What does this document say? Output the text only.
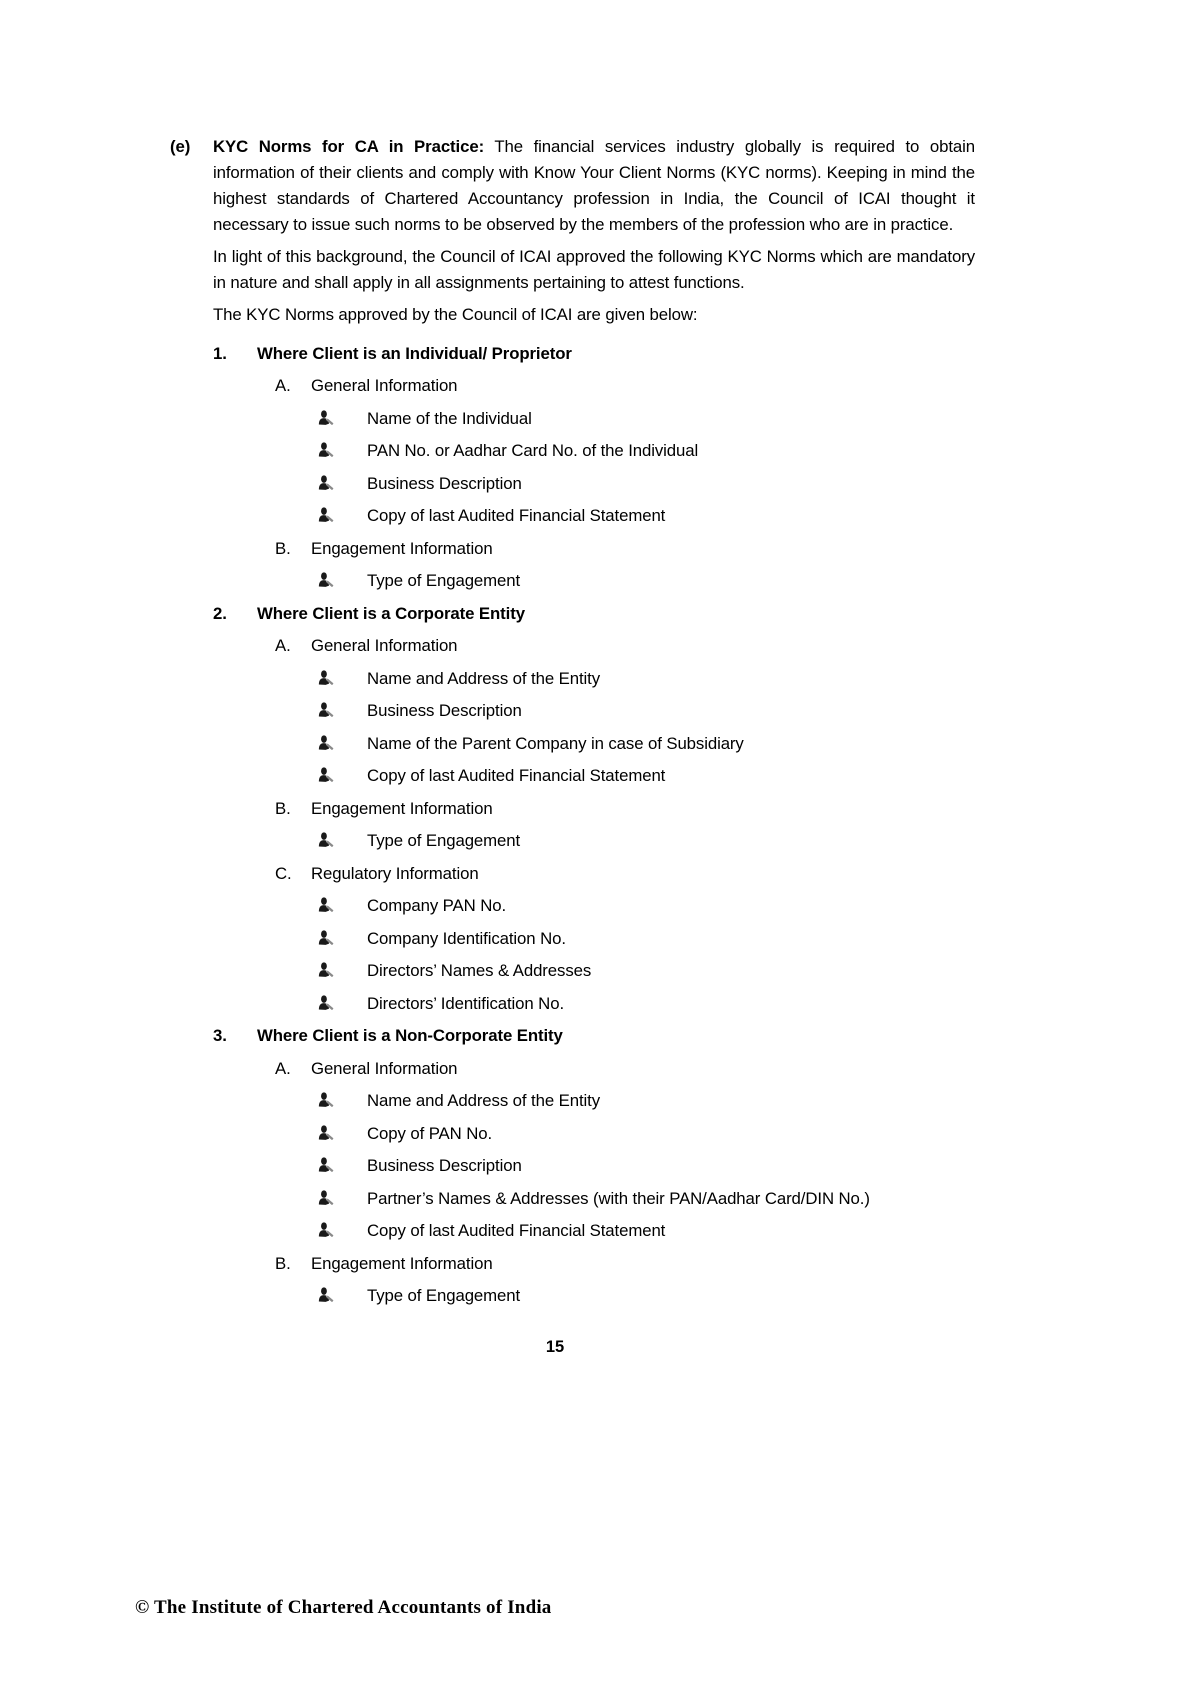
(e)	KYC Norms for CA in Practice: The financial services industry globally is required to obtain information of their clients and comply with Know Your Client Norms (KYC norms). Keeping in mind the highest standards of Chartered Accountancy profession in India, the Council of ICAI thought it necessary to issue such norms to be observed by the members of the profession who are in practice.

In light of this background, the Council of ICAI approved the following KYC Norms which are mandatory in nature and shall apply in all assignments pertaining to attest functions.

The KYC Norms approved by the Council of ICAI are given below:

1.	Where Client is an Individual/ Proprietor
A.	General Information
Name of the Individual
PAN No. or Aadhar Card No. of the Individual
Business Description
Copy of last Audited Financial Statement
B.	Engagement Information
Type of Engagement
2.	Where Client is a Corporate Entity
A.	General Information
Name and Address of the Entity
Business Description
Name of the Parent Company in case of Subsidiary
Copy of last Audited Financial Statement
B.	Engagement Information
Type of Engagement
C.	Regulatory Information
Company PAN No.
Company Identification No.
Directors’ Names & Addresses
Directors’ Identification No.
3.	Where Client is a Non-Corporate Entity
A.	General Information
Name and Address of the Entity
Copy of PAN No.
Business Description
Partner’s Names & Addresses (with their PAN/Aadhar Card/DIN No.)
Copy of last Audited Financial Statement
B.	Engagement Information
Type of Engagement
15
© The Institute of Chartered Accountants of India
